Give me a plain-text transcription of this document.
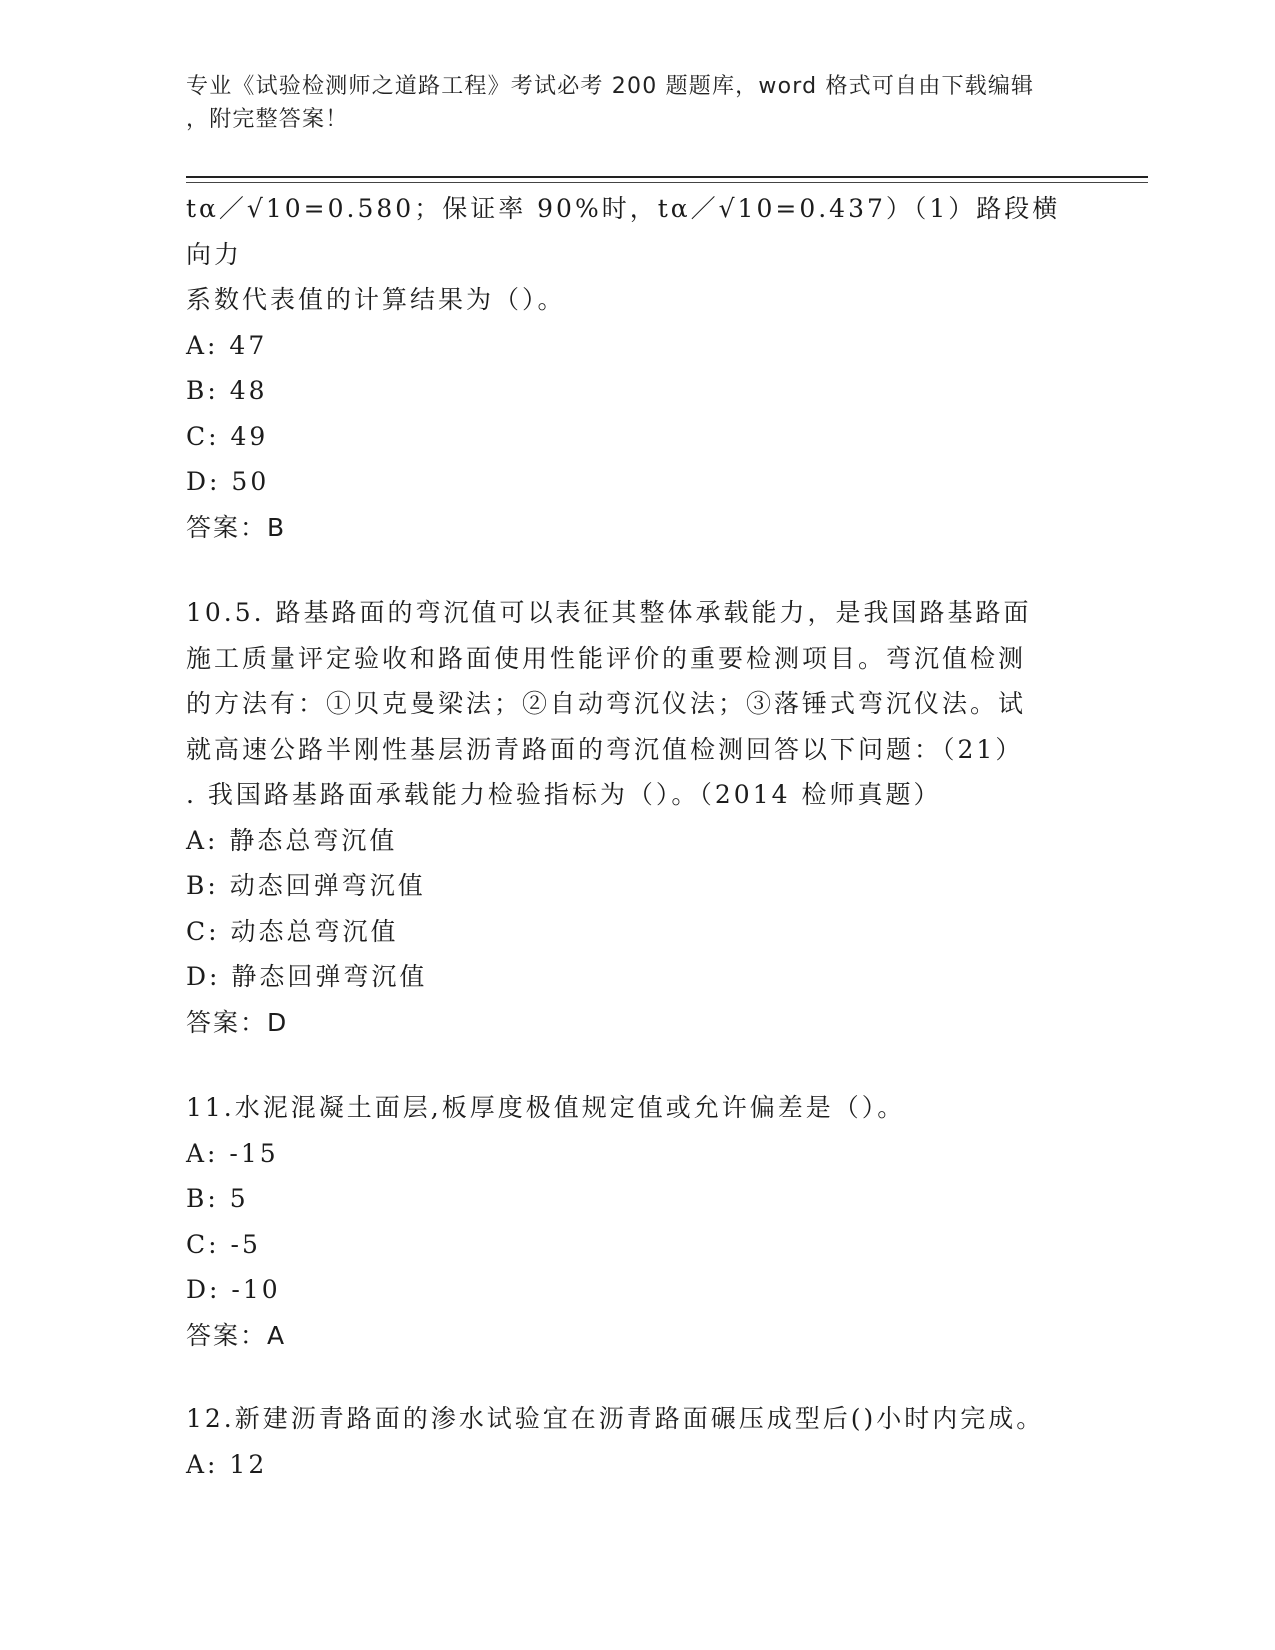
专业《试验检测师之道路工程》考试必考 200 题题库，word 格式可自由下载编辑
，附完整答案！

tα／√10=0.580；保证率 90%时，tα／√10=0.437）（1）路段横向力

系数代表值的计算结果为（）。

A: 47

B: 48

C: 49

D: 50

答案：B

10.5. 路基路面的弯沉值可以表征其整体承载能力，是我国路基路面

施工质量评定验收和路面使用性能评价的重要检测项目。弯沉值检测

的方法有：①贝克曼梁法；②自动弯沉仪法；③落锤式弯沉仪法。试

就高速公路半刚性基层沥青路面的弯沉值检测回答以下问题：（21）

. 我国路基路面承载能力检验指标为（）。（2014 检师真题）

A: 静态总弯沉值

B: 动态回弹弯沉值

C: 动态总弯沉值

D: 静态回弹弯沉值

答案：D

11.水泥混凝土面层,板厚度极值规定值或允许偏差是（）。

A: -15

B: 5

C: -5

D: -10

答案：A

12.新建沥青路面的渗水试验宜在沥青路面碾压成型后()小时内完成。

A: 12
